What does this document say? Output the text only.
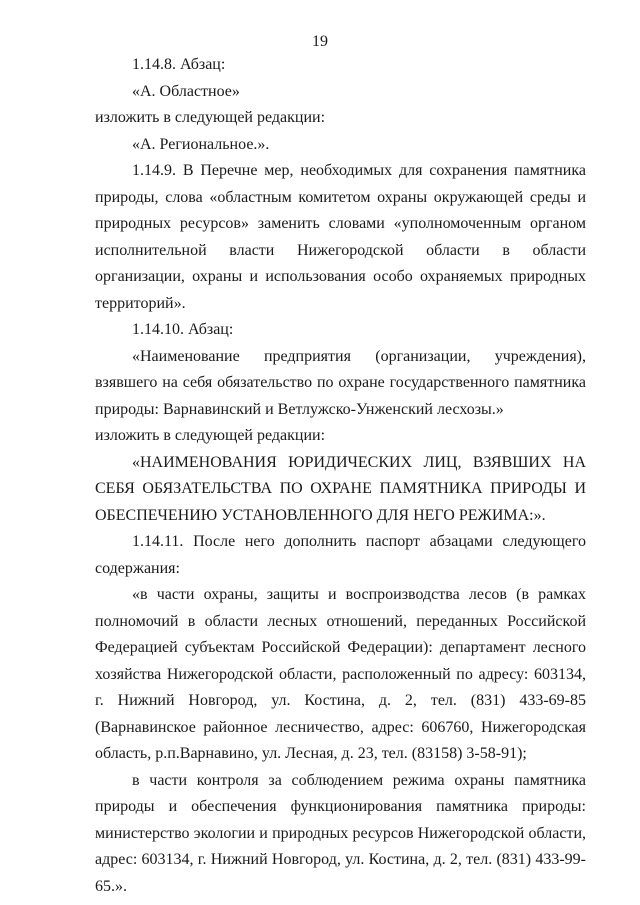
19

1.14.8. Абзац:

«А. Областное»

изложить в следующей редакции:

«А. Региональное.».

1.14.9. В Перечне мер, необходимых для сохранения памятника природы, слова «областным комитетом охраны окружающей среды и природных ресурсов» заменить словами «уполномоченным органом исполнительной власти Нижегородской области в области организации, охраны и использования особо охраняемых природных территорий».

1.14.10. Абзац:

«Наименование предприятия (организации, учреждения), взявшего на себя обязательство по охране государственного памятника природы: Варнавинский и Ветлужско-Унженский лесхозы.»

изложить в следующей редакции:

«НАИМЕНОВАНИЯ ЮРИДИЧЕСКИХ ЛИЦ, ВЗЯВШИХ НА СЕБЯ ОБЯЗАТЕЛЬСТВА ПО ОХРАНЕ ПАМЯТНИКА ПРИРОДЫ И ОБЕСПЕЧЕНИЮ УСТАНОВЛЕННОГО ДЛЯ НЕГО РЕЖИМА:».

1.14.11. После него дополнить паспорт абзацами следующего содержания:

«в части охраны, защиты и воспроизводства лесов (в рамках полномочий в области лесных отношений, переданных Российской Федерацией субъектам Российской Федерации): департамент лесного хозяйства Нижегородской области, расположенный по адресу: 603134, г. Нижний Новгород, ул. Костина, д. 2, тел. (831) 433-69-85 (Варнавинское районное лесничество, адрес: 606760, Нижегородская область, р.п.Варнавино, ул. Лесная, д. 23, тел. (83158) 3-58-91);

в части контроля за соблюдением режима охраны памятника природы и обеспечения функционирования памятника природы: министерство экологии и природных ресурсов Нижегородской области, адрес: 603134, г. Нижний Новгород, ул. Костина, д. 2, тел. (831) 433-99-65.».
